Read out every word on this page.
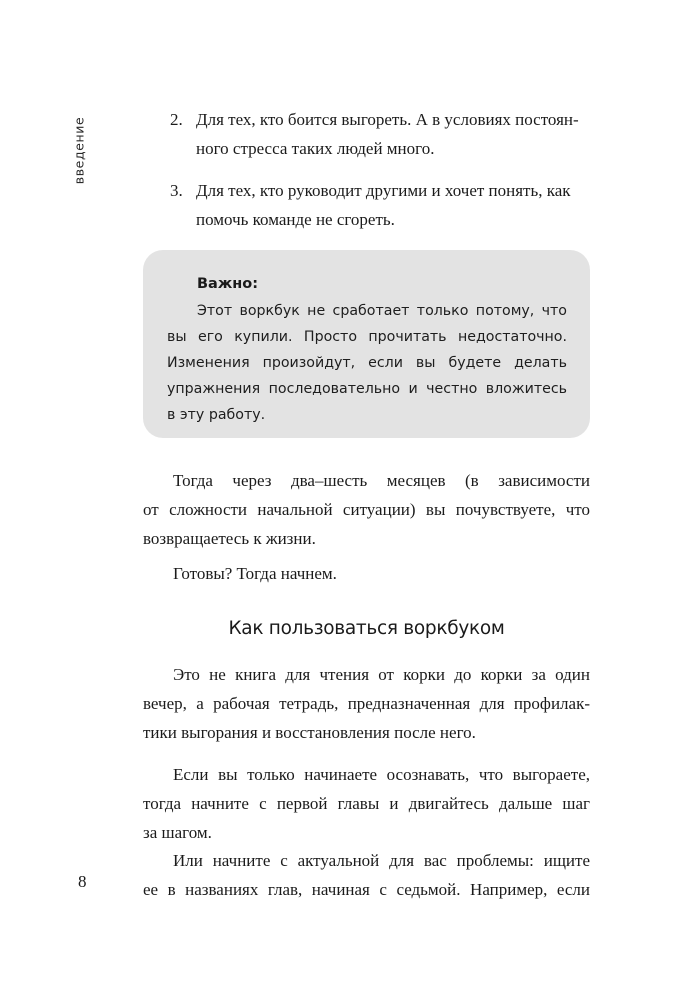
введение	2. Для тех, кто боится выгореть. А в условиях постоян-
ного стресса таких людей много.
3. Для тех, кто руководит другими и хочет понять, как
помочь команде не сгореть.
Важно:
Этот воркбук не сработает только потому, что
вы его купили. Просто прочитать недостаточно.
Изменения произойдут, если вы будете делать
упражнения последовательно и честно вложитесь
в эту работу.
Тогда через два–шесть месяцев (в зависимости
от сложности начальной ситуации) вы почувствуете, что
возвращаетесь к жизни.
Готовы? Тогда начнем.
Как пользоваться воркбуком
Это не книга для чтения от корки до корки за один
вечер, а рабочая тетрадь, предназначенная для профилак-
тики выгорания и восстановления после него.
Если вы только начинаете осознавать, что выгораете,
тогда начните с первой главы и двигайтесь дальше шаг
за шагом.
Или начните с актуальной для вас проблемы: ищите
ее в названиях глав, начиная с седьмой. Например, если
8
